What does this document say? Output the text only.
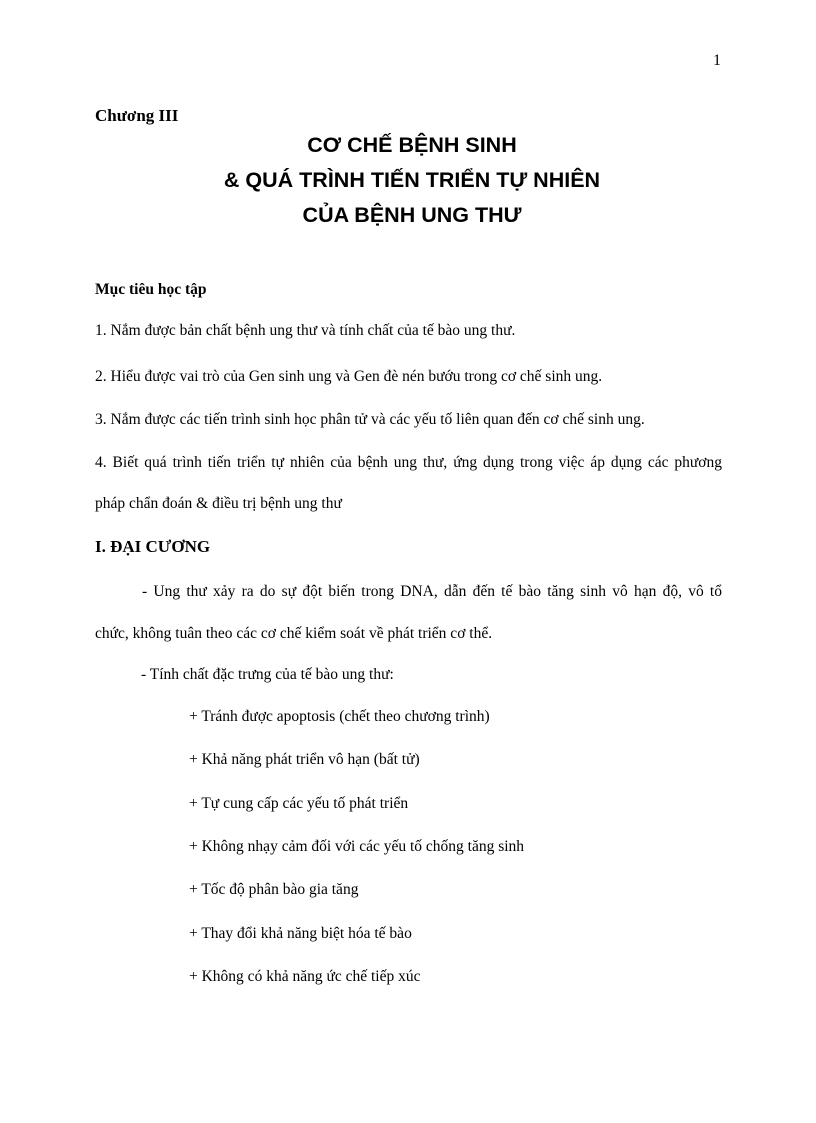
1
Chương III
CƠ CHẾ BỆNH SINH
& QUÁ TRÌNH TIẾN TRIỂN TỰ NHIÊN
CỦA BỆNH UNG THƯ
Mục tiêu học tập
1. Nắm được bản chất bệnh ung thư và tính chất của tế bào ung thư.
2. Hiểu được vai trò của Gen sinh ung và Gen đè nén bướu trong cơ chế sinh ung.
3. Nắm được các tiến trình sinh học phân tử và các yếu tố liên quan đến cơ chế sinh ung.
4. Biết quá trình tiến triển tự nhiên của bệnh ung thư, ứng dụng trong việc áp dụng các phương
pháp chẩn đoán & điều trị bệnh ung thư
I. ĐẠI CƯƠNG
- Ung thư xảy ra do sự đột biến trong DNA, dẫn đến tế bào tăng sinh vô hạn độ, vô tổ
chức, không tuân theo các cơ chế kiểm soát về phát triển cơ thể.
- Tính chất đặc trưng của tế bào ung thư:
+ Tránh được apoptosis (chết theo chương trình)
+ Khả năng phát triển vô hạn (bất tử)
+ Tự cung cấp các yếu tố phát triển
+ Không nhạy cảm đối với các yếu tố chống tăng sinh
+ Tốc độ phân bào gia tăng
+ Thay đổi khả năng biệt hóa tế bào
+ Không có khả năng ức chế tiếp xúc
